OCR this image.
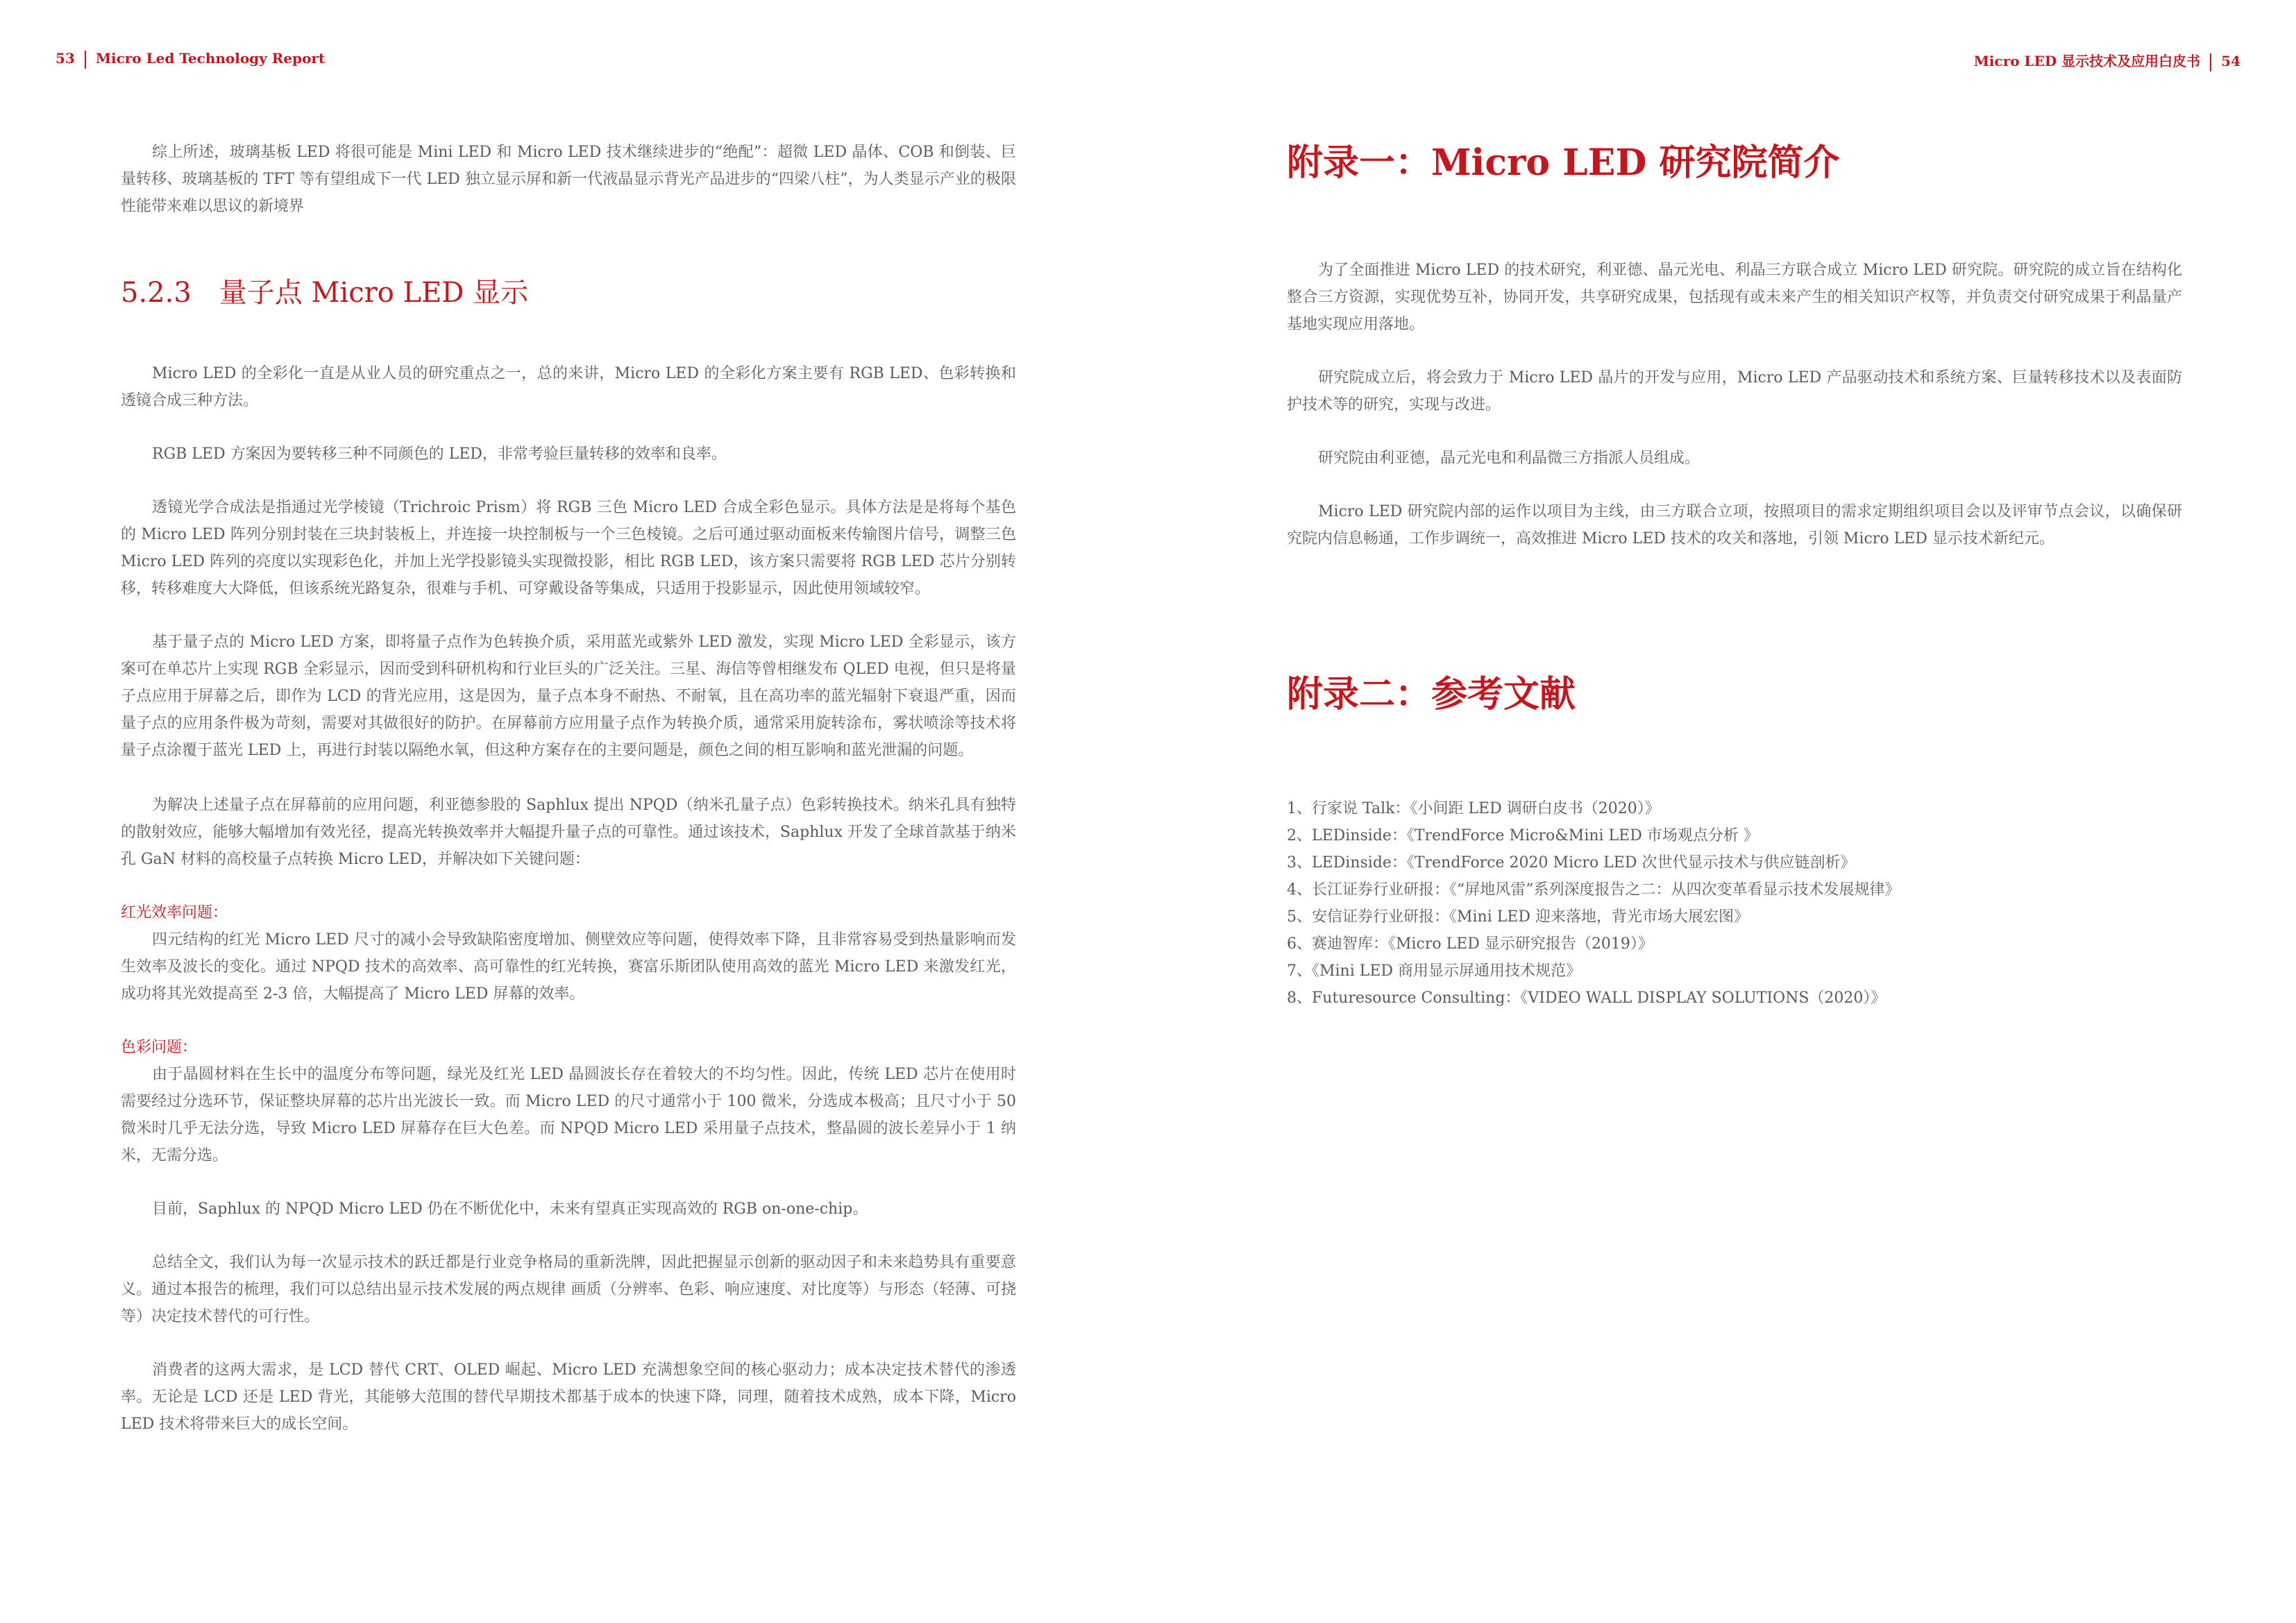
53 Micro Led Technology Report

综上所述，玻璃基板 LED 将很可能是 Mini LED 和 Micro LED 技术继续进步的“绝配”：超微 LED 晶体、COB 和倒装、巨量转移、玻璃基板的 TFT 等有望组成下一代 LED 独立显示屏和新一代液晶显示背光产品进步的“四梁八柱”，为人类显示产业的极限性能带来难以思议的新境界

5.2.3　量子点 Micro LED 显示

Micro LED 的全彩化一直是从业人员的研究重点之一，总的来讲，Micro LED 的全彩化方案主要有 RGB LED、色彩转换和透镜合成三种方法。

RGB LED 方案因为要转移三种不同颜色的 LED，非常考验巨量转移的效率和良率。

透镜光学合成法是指通过光学棱镜（Trichroic Prism）将 RGB 三色 Micro LED 合成全彩色显示。具体方法是是将每个基色的 Micro LED 阵列分别封装在三块封装板上，并连接一块控制板与一个三色棱镜。之后可通过驱动面板来传输图片信号，调整三色 Micro LED 阵列的亮度以实现彩色化，并加上光学投影镜头实现微投影，相比 RGB LED，该方案只需要将 RGB LED 芯片分别转移，转移难度大大降低，但该系统光路复杂，很难与手机、可穿戴设备等集成，只适用于投影显示，因此使用领域较窄。

基于量子点的 Micro LED 方案，即将量子点作为色转换介质，采用蓝光或紫外 LED 激发，实现 Micro LED 全彩显示，该方案可在单芯片上实现 RGB 全彩显示，因而受到科研机构和行业巨头的广泛关注。三星、海信等曾相继发布 QLED 电视，但只是将量子点应用于屏幕之后，即作为 LCD 的背光应用，这是因为，量子点本身不耐热、不耐氧，且在高功率的蓝光辐射下衰退严重，因而量子点的应用条件极为苛刻，需要对其做很好的防护。在屏幕前方应用量子点作为转换介质，通常采用旋转涂布，雾状喷涂等技术将量子点涂覆于蓝光 LED 上，再进行封装以隔绝水氧，但这种方案存在的主要问题是，颜色之间的相互影响和蓝光泄漏的问题。

为解决上述量子点在屏幕前的应用问题，利亚德参股的 Saphlux 提出 NPQD（纳米孔量子点）色彩转换技术。纳米孔具有独特的散射效应，能够大幅增加有效光径，提高光转换效率并大幅提升量子点的可靠性。通过该技术，Saphlux 开发了全球首款基于纳米孔 GaN 材料的高校量子点转换 Micro LED，并解决如下关键问题：

红光效率问题：

四元结构的红光 Micro LED 尺寸的减小会导致缺陷密度增加、侧壁效应等问题，使得效率下降，且非常容易受到热量影响而发生效率及波长的变化。通过 NPQD 技术的高效率、高可靠性的红光转换，赛富乐斯团队使用高效的蓝光 Micro LED 来激发红光，成功将其光效提高至 2-3 倍，大幅提高了 Micro LED 屏幕的效率。

色彩问题：

由于晶圆材料在生长中的温度分布等问题，绿光及红光 LED 晶圆波长存在着较大的不均匀性。因此，传统 LED 芯片在使用时需要经过分选环节，保证整块屏幕的芯片出光波长一致。而 Micro LED 的尺寸通常小于 100 微米，分选成本极高；且尺寸小于 50 微米时几乎无法分选，导致 Micro LED 屏幕存在巨大色差。而 NPQD Micro LED 采用量子点技术，整晶圆的波长差异小于 1 纳米，无需分选。

目前，Saphlux 的 NPQD Micro LED 仍在不断优化中，未来有望真正实现高效的 RGB on-one-chip。

总结全文，我们认为每一次显示技术的跃迁都是行业竞争格局的重新洗牌，因此把握显示创新的驱动因子和未来趋势具有重要意义。通过本报告的梳理，我们可以总结出显示技术发展的两点规律 画质（分辨率、色彩、响应速度、对比度等）与形态（轻薄、可挠等）决定技术替代的可行性。

消费者的这两大需求，是 LCD 替代 CRT、OLED 崛起、Micro LED 充满想象空间的核心驱动力；成本决定技术替代的渗透率。无论是 LCD 还是 LED 背光，其能够大范围的替代早期技术都基于成本的快速下降，同理，随着技术成熟，成本下降，Micro LED 技术将带来巨大的成长空间。

Micro LED 显示技术及应用白皮书 54
附录一：Micro LED 研究院简介

为了全面推进 Micro LED 的技术研究，利亚德、晶元光电、利晶三方联合成立 Micro LED 研究院。研究院的成立旨在结构化整合三方资源，实现优势互补，协同开发，共享研究成果，包括现有或未来产生的相关知识产权等，并负责交付研究成果于利晶量产基地实现应用落地。

研究院成立后，将会致力于 Micro LED 晶片的开发与应用，Micro LED 产品驱动技术和系统方案、巨量转移技术以及表面防护技术等的研究，实现与改进。

研究院由利亚德，晶元光电和利晶微三方指派人员组成。

Micro LED 研究院内部的运作以项目为主线，由三方联合立项，按照项目的需求定期组织项目会以及评审节点会议，以确保研究院内信息畅通，工作步调统一，高效推进 Micro LED 技术的攻关和落地，引领 Micro LED 显示技术新纪元。

附录二：参考文献
1、行家说 Talk：《小间距 LED 调研白皮书（2020）》
2、LEDinside：《TrendForce Micro&Mini LED 市场观点分析 》
3、LEDinside：《TrendForce 2020 Micro LED 次世代显示技术与供应链剖析》
4、长江证券行业研报：《“屏地风雷”系列深度报告之二：从四次变革看显示技术发展规律》
5、安信证券行业研报：《Mini LED 迎来落地，背光市场大展宏图》
6、赛迪智库：《Micro LED 显示研究报告（2019）》
7、《Mini LED 商用显示屏通用技术规范》
8、Futuresource Consulting：《VIDEO WALL DISPLAY SOLUTIONS（2020）》
